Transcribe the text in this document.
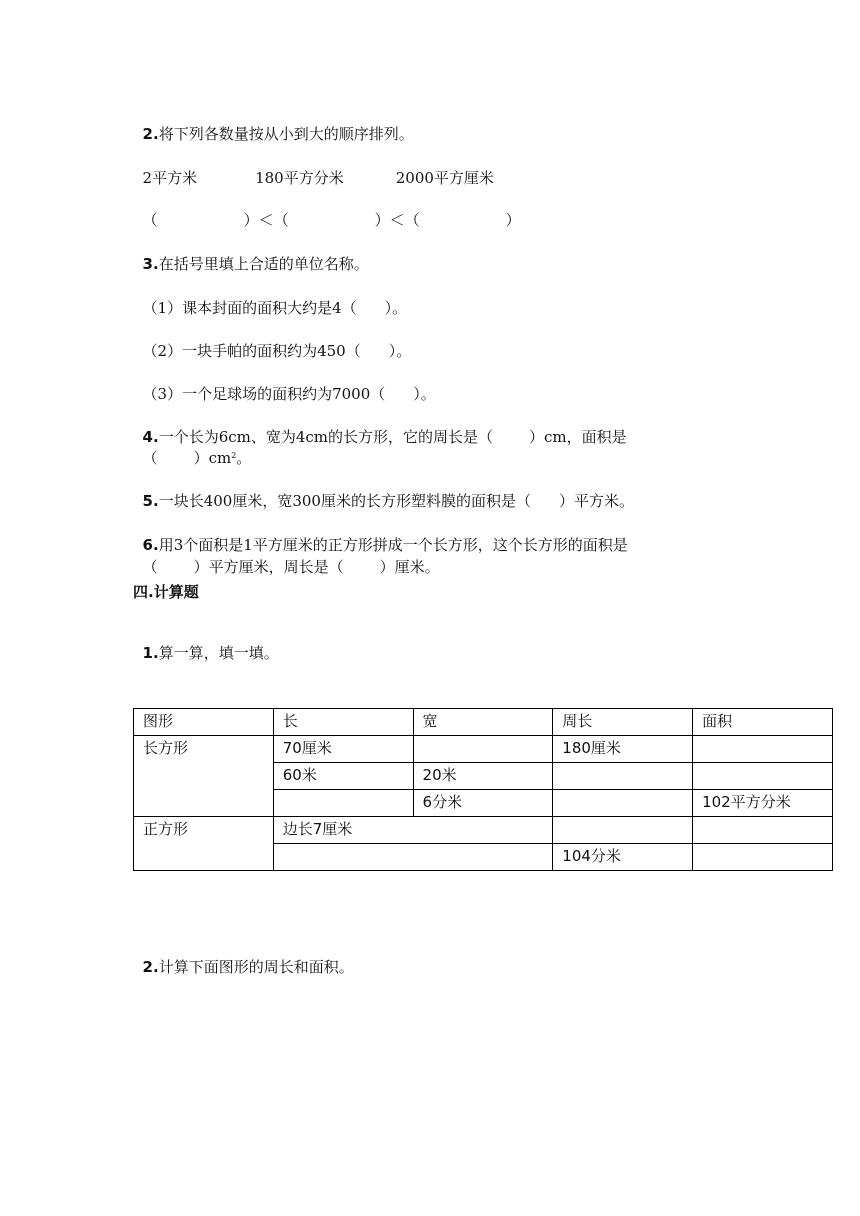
2.将下列各数量按从小到大的顺序排列。

2平方米	180平方分米	2000平方厘米

（	）＜（	）＜（	）

3.在括号里填上合适的单位名称。

（1）课本封面的面积大约是4（ ）。

（2）一块手帕的面积约为450（ ）。

（3）一个足球场的面积约为7000（ ）。

4.一个长为6cm、宽为4cm的长方形，它的周长是（ ）cm，面积是

（ ）$cm^2$。

5.一块长400厘米，宽300厘米的长方形塑料膜的面积是（ ）平方米。

6.用3个面积是1平方厘米的正方形拼成一个长方形，这个长方形的面积是

（ ）平方厘米，周长是（ ）厘米。

四.计算题

1.算一算，填一填。

图形	长	宽	周长	面积
长方形	70厘米		180厘米	
	60米	20米		
		6分米		102平方分米
正方形	边长7厘米			
			104分米	

2.计算下面图形的周长和面积。
